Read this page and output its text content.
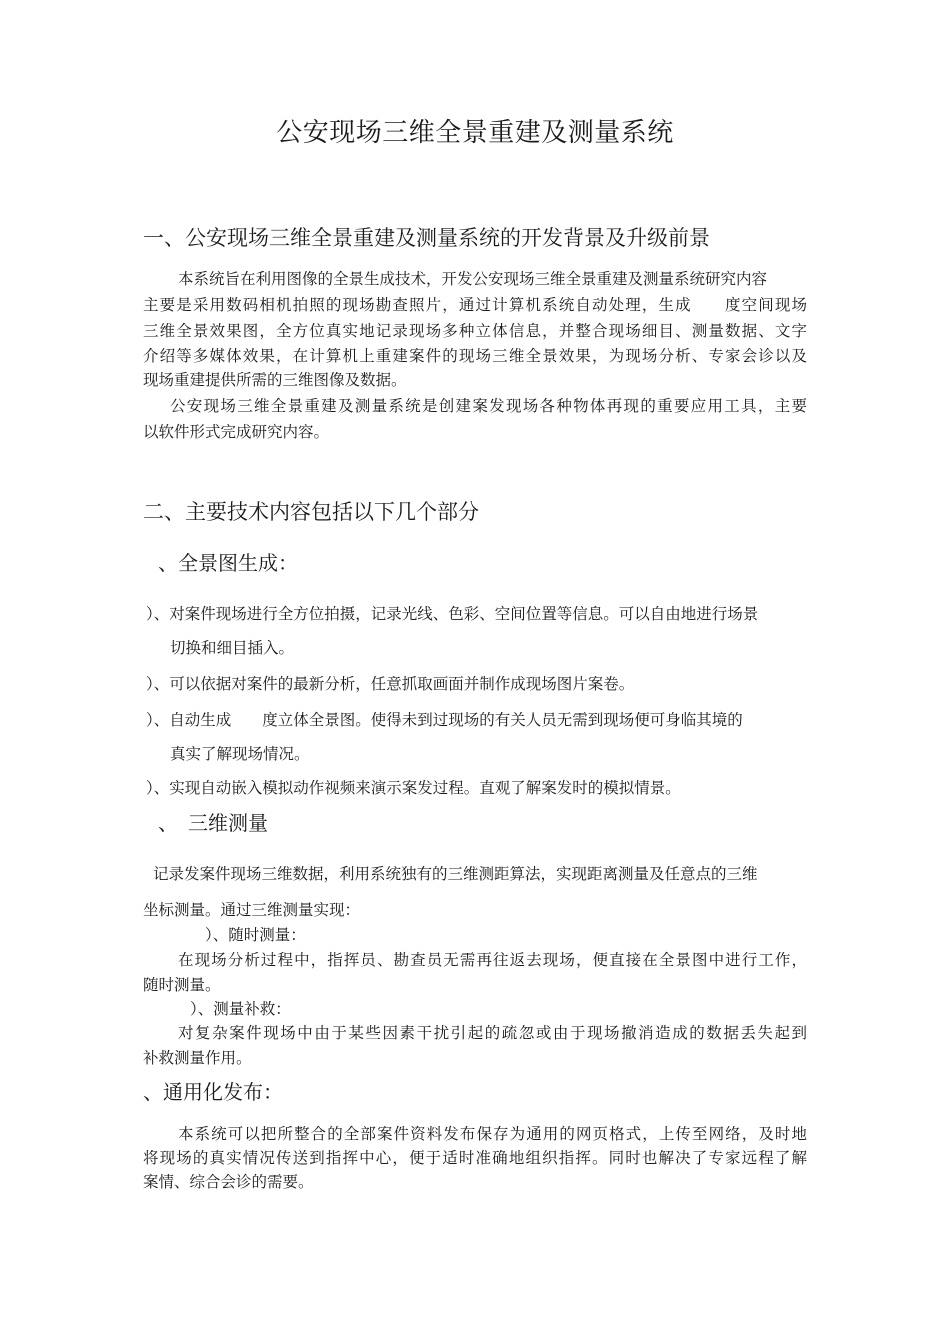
公安现场三维全景重建及测量系统
一、公安现场三维全景重建及测量系统的开发背景及升级前景
本系统旨在利用图像的全景生成技术，开发公安现场三维全景重建及测量系统研究内容
主要是采用数码相机拍照的现场勘查照片，通过计算机系统自动处理，生成　　度空间现场
三维全景效果图，全方位真实地记录现场多种立体信息，并整合现场细目、测量数据、文字
介绍等多媒体效果，在计算机上重建案件的现场三维全景效果，为现场分析、专家会诊以及
现场重建提供所需的三维图像及数据。
公安现场三维全景重建及测量系统是创建案发现场各种物体再现的重要应用工具，主要
以软件形式完成研究内容。
二、主要技术内容包括以下几个部分
、全景图生成：
）、对案件现场进行全方位拍摄，记录光线、色彩、空间位置等信息。可以自由地进行场景
切换和细目插入。
）、可以依据对案件的最新分析，任意抓取画面并制作成现场图片案卷。
）、自动生成　　度立体全景图。使得未到过现场的有关人员无需到现场便可身临其境的
真实了解现场情况。
）、实现自动嵌入模拟动作视频来演示案发过程。直观了解案发时的模拟情景。
、　三维测量
记录发案件现场三维数据，利用系统独有的三维测距算法，实现距离测量及任意点的三维
坐标测量。通过三维测量实现：
）、随时测量：
在现场分析过程中，指挥员、勘查员无需再往返去现场，便直接在全景图中进行工作，
随时测量。
）、测量补救：
对复杂案件现场中由于某些因素干扰引起的疏忽或由于现场撤消造成的数据丢失起到
补救测量作用。
、通用化发布：
本系统可以把所整合的全部案件资料发布保存为通用的网页格式，上传至网络，及时地
将现场的真实情况传送到指挥中心，便于适时准确地组织指挥。同时也解决了专家远程了解
案情、综合会诊的需要。
